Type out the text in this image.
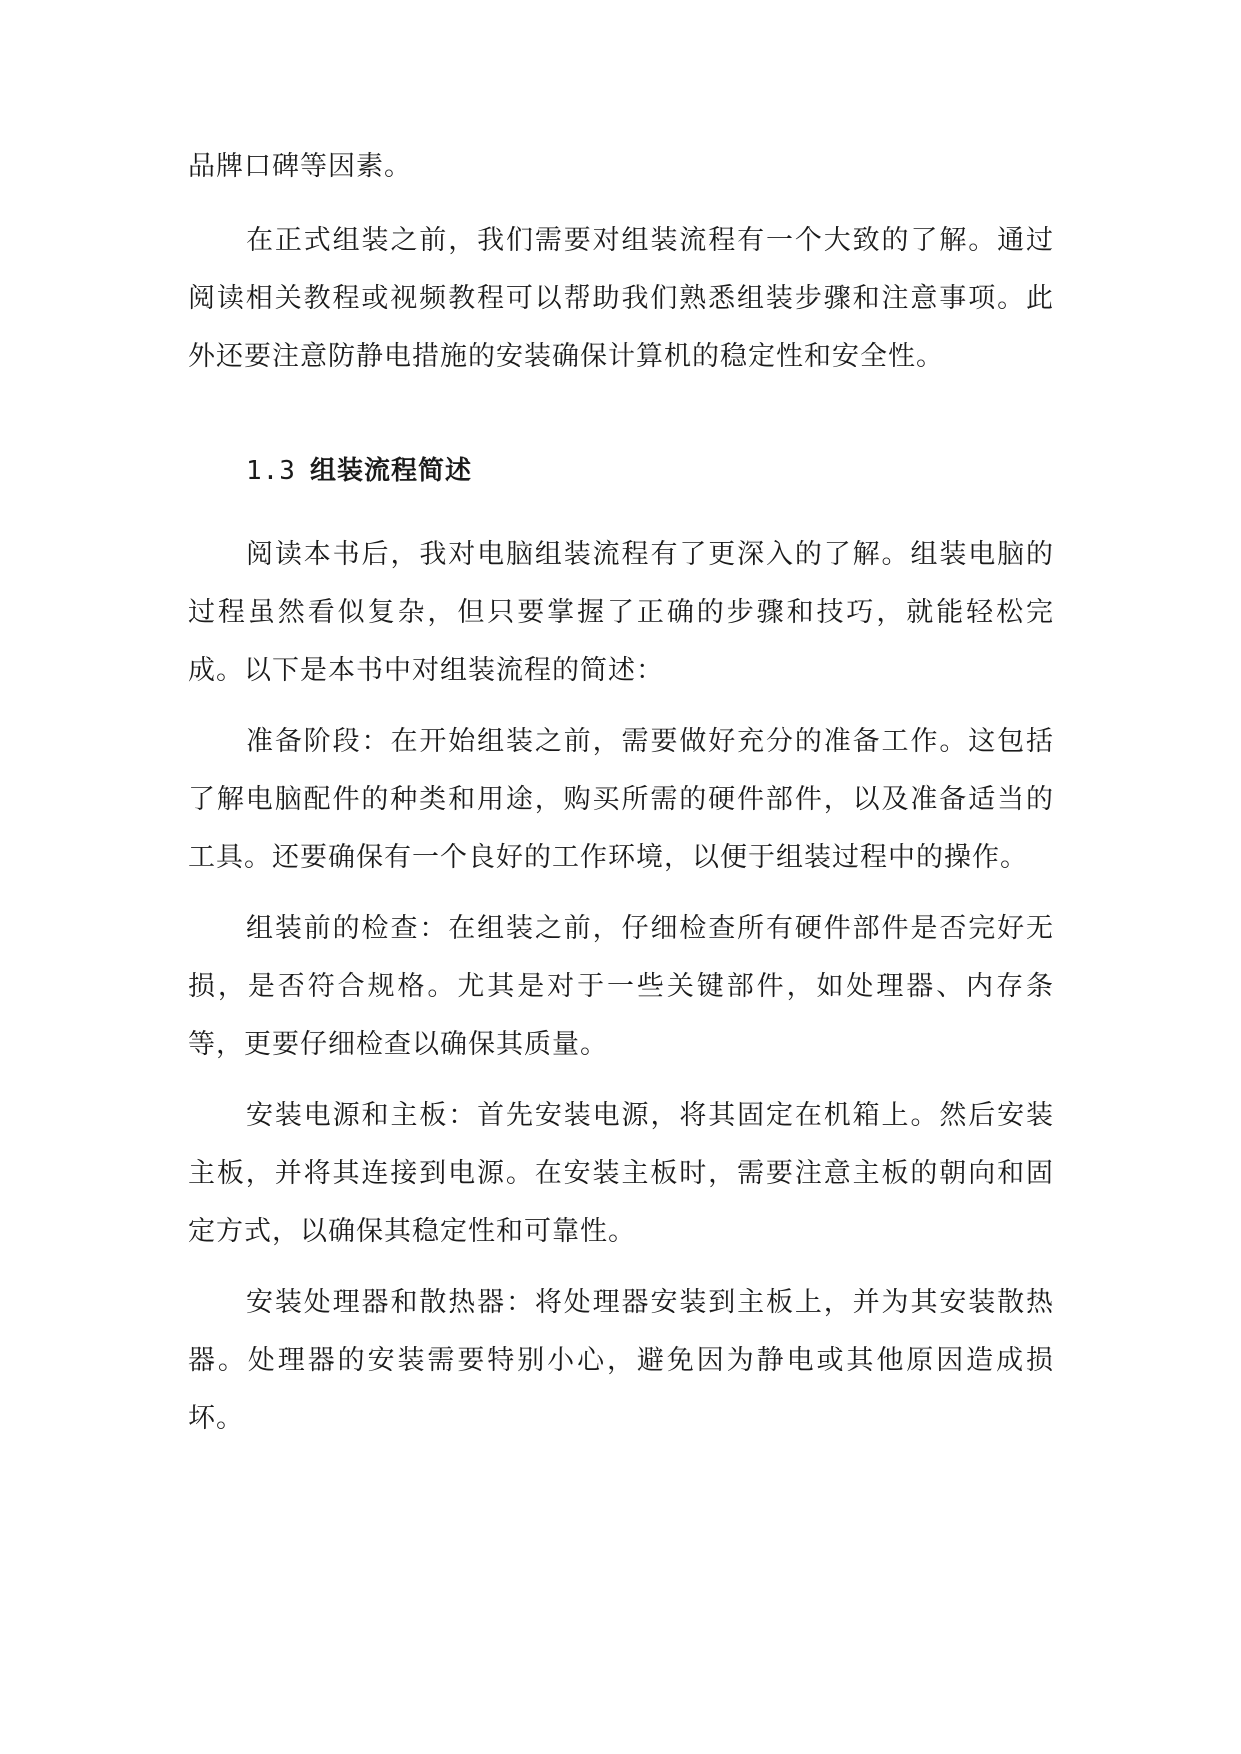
品牌口碑等因素。

在正式组装之前，我们需要对组装流程有一个大致的了解。通过阅读相关教程或视频教程可以帮助我们熟悉组装步骤和注意事项。此外还要注意防静电措施的安装确保计算机的稳定性和安全性。

1.3 组装流程简述

阅读本书后，我对电脑组装流程有了更深入的了解。组装电脑的过程虽然看似复杂，但只要掌握了正确的步骤和技巧，就能轻松完成。以下是本书中对组装流程的简述：

准备阶段：在开始组装之前，需要做好充分的准备工作。这包括了解电脑配件的种类和用途，购买所需的硬件部件，以及准备适当的工具。还要确保有一个良好的工作环境，以便于组装过程中的操作。

组装前的检查：在组装之前，仔细检查所有硬件部件是否完好无损，是否符合规格。尤其是对于一些关键部件，如处理器、内存条等，更要仔细检查以确保其质量。

安装电源和主板：首先安装电源，将其固定在机箱上。然后安装主板，并将其连接到电源。在安装主板时，需要注意主板的朝向和固定方式，以确保其稳定性和可靠性。

安装处理器和散热器：将处理器安装到主板上，并为其安装散热器。处理器的安装需要特别小心，避免因为静电或其他原因造成损坏。
